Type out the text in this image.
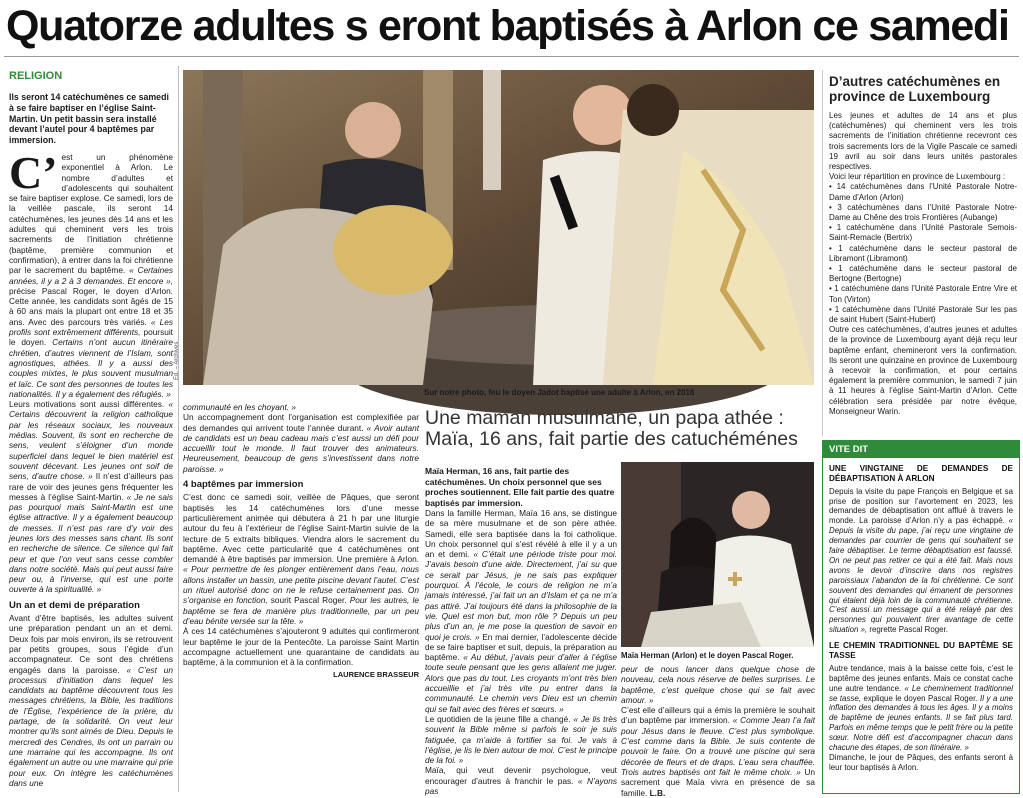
Quatorze adultes s eront baptisés à Arlon ce samedi
RELIGION
Ils seront 14 catéchumènes ce samedi à se faire baptiser en l’église Saint-Martin. Un petit bassin sera installé devant l’autel pour 4 baptêmes par immersion.
C’ est un phénomène exponentiel à Arlon. Le nombre d’adultes et d’adolescents qui souhaitent se faire baptiser explose. Ce samedi, lors de la veillée pascale, ils seront 14 catéchumènes, les jeunes dès 14 ans et les adultes qui cheminent vers les trois sacrements de l’initiation chrétienne (baptême, première communion et confirmation), à entrer dans la foi chrétienne par le sacrement du baptême. « Certaines années, il y a 2 à 3 demandes. Et encore », précise Pascal Roger, le doyen d’Arlon. Cette année, les candidats sont âgés de 15 à 60 ans mais la plupart ont entre 18 et 35 ans. Avec des parcours très variés. « Les profils sont extrêmement différents, poursuit le doyen. Certains n’ont aucun itinéraire chrétien, d’autres viennent de l’Islam, sont agnostiques, athées. Il y a aussi des couples mixtes, le plus souvent musulman et laïc. Ce sont des personnes de toutes les nationalités. Il y a également des réfugiés. »

Leurs motivations sont aussi différentes. « Certains découvrent la religion catholique par les réseaux sociaux, les nouveaux médias. Souvent, ils sont en recherche de sens, veulent s’éloigner d’un monde superficiel dans lequel le bien matériel est souvent décevant. Les jeunes ont soif de sens, d’autre chose. » Il n’est d’ailleurs pas rare de voir des jeunes gens fréquenter les messes à l’église Saint-Martin. « Je ne sais pas pourquoi mais Saint-Martin est une église attractive. Il y a également beaucoup de messes. Il n’est pas rare d’y voir des jeunes lors des messes sans chant. Ils sont en recherche de silence. Ce silence qui fait peur et que l’on veut sans cesse combler dans notre société. Mais qui peut aussi faire peur ou, à l’inverse, qui est une porte ouverte à la spiritualité. »

Un an et demi de préparation

Avant d’être baptisés, les adultes suivent une préparation pendant un an et demi. Deux fois par mois environ, ils se retrouvent par petits groupes, sous l’égide d’un accompagnateur. Ce sont des chrétiens engagés dans la paroisse. « C’est un processus d’initiation dans lequel les candidats au baptême découvrent tous les messages chrétiens, la Bible, les traditions de l’Église, l’expérience de la prière, du partage, de la solidarité. On veut leur montrer qu’ils sont aimés de Dieu. Depuis le mercredi des Cendres, ils ont un parrain ou une marraine qui les accompagne. Ils ont également un autre ou une marraine qui prie pour eux. On intègre les catéchumènes dans une

Éd. – Archives
Sur notre photo, feu le doyen Jadot baptise une adulte à Arlon, en 2016

communauté en les choyant. »

Un accompagnement dont l’organisation est complexifiée par des demandes qui arrivent toute l’année durant. « Avoir autant de candidats est un beau cadeau mais c’est aussi un défi pour accueillir tout le monde. Il faut trouver des animateurs. Heureusement, beaucoup de gens s’investissent dans notre paroisse. »

4 baptêmes par immersion

C’est donc ce samedi soir, veillée de Pâques, que seront baptisés les 14 catéchumènes lors d’une messe particulièrement animée qui débutera à 21 h par une liturgie autour du feu à l’extérieur de l’église Saint-Martin suivie de la lecture de 5 extraits bibliques. Viendra alors le sacrement du baptême. Avec cette particularité que 4 catéchumènes ont demandé à être baptisés par immersion. Une première à Arlon. « Pour permettre de les plonger entièrement dans l’eau, nous allons installer un bassin, une petite piscine devant l’autel. C’est un rituel autorisé donc on ne le refuse certainement pas. On s’organise en fonction, sourit Pascal Roger. Pour les autres, le baptême se fera de manière plus traditionnelle, par un peu d’eau bénite versée sur la tête. »

À ces 14 catéchumènes s’ajouteront 9 adultes qui confirmeront leur baptême le jour de la Pentecôte. La paroisse Saint Martin accompagne actuellement une quarantaine de candidats au baptême, à la communion et à la confirmation.

LAURENCE BRASSEUR
Une maman musulmane, un papa athée : Maïa, 16 ans, fait partie des catuchéménes
Maïa Herman, 16 ans, fait partie des catéchumènes. Un choix personnel que ses proches soutiennent. Elle fait partie des quatre baptisés par immersion.

Dans la famille Herman, Maïa 16 ans, se distingue de sa mère musulmane et de son père athée. Samedi, elle sera baptisée dans la foi catholique. Un choix personnel qui s’est révélé à elle il y a un an et demi. « C’était une période triste pour moi. J’avais besoin d’une aide. Directement, j’ai su que ce serait par Jésus, je ne sais pas expliquer pourquoi. À l’école, le cours de religion ne m’a jamais intéressé, j’ai fait un an d’Islam et ça ne m’a pas attiré. J’ai toujours été dans la philosophie de la vie. Quel est mon but, mon rôle ? Depuis un peu plus d’un an, je me pose la question de savoir en quoi je crois. » En mai dernier, l’adolescente décide de se faire baptiser et suit, depuis, la préparation au baptême. « Au début, j’avais peur d’aller à l’église toute seule pensant que les gens allaient me juger. Alors que pas du tout. Les croyants m’ont très bien accueillie et j’ai très vite pu entrer dans la communauté. Le chemin vers Dieu est un chemin qui se fait avec des frères et sœurs. »

Le quotidien de la jeune fille a changé. « Je lis très souvent la Bible même si parfois le soir je suis fatiguée, ça m’aide à fortifier sa foi. Je vais à l’église, je lis le bien autour de moi. C’est le principe de la foi. »

Maïa, qui veut devenir psychologue, veut encourager d’autres à franchir le pas. « N’ayons pas

Maïa Herman (Arlon) et le doyen Pascal Roger.

peur de nous lancer dans quelque chose de nouveau, cela nous réserve de belles surprises. Le baptême, c’est quelque chose qui se fait avec amour. »

C’est elle d’ailleurs qui a émis la première le souhait d’un baptême par immersion. « Comme Jean l’a fait pour Jésus dans le fleuve. C’est plus symbolique. C’est comme dans la Bible. Je suis contente de pouvoir le faire. On a trouvé une piscine qui sera décorée de fleurs et de draps. L’eau sera chauffée. Trois autres baptisés ont fait le même choix. » Un sacrement que Maïa vivra en présence de sa famille. L.B.

D’autres catéchumènes en province de Luxembourg

Les jeunes et adultes de 14 ans et plus (catéchumènes) qui cheminent vers les trois sacrements de l’initiation chrétienne recevront ces trois sacrements lors de la Vigile Pascale ce samedi 19 avril au soir dans leurs unités pastorales respectives.

Voici leur répartition en province de Luxembourg :

• 14 catéchumènes dans l’Unité Pastorale Notre-Dame d’Arlon (Arlon)

• 3 catéchumènes dans l’Unité Pastorale Notre-Dame au Chêne des trois Frontières (Aubange)

• 1 catéchumène dans l’Unité Pastorale Semois-Saint-Remacle (Bertrix)

• 1 catéchumène dans le secteur pastoral de Libramont (Libramont)

• 1 catéchumène dans le secteur pastoral de Bertogne (Bertogne)

• 1 catéchumène dans l’Unité Pastorale Entre Vire et Ton (Virton)

• 1 catéchumène dans l’Unité Pastorale Sur les pas de saint Hubert (Saint-Hubert)

Outre ces catéchumènes, d’autres jeunes et adultes de la province de Luxembourg ayant déjà reçu leur baptême enfant, chemineront vers la confirmation. Ils seront une quinzaine en province de Luxembourg à recevoir la confirmation, et pour certains également la première communion, le samedi 7 juin à 11 heures à l’église Saint-Martin d’Arlon. Cette célébration sera présidée par notre évêque, Monseigneur Warin.

VITE DIT
UNE VINGTAINE DE DEMANDES DE DÉBAPTISATION À ARLON

Depuis la visite du pape François en Belgique et sa prise de position sur l’avortement en 2023, les demandes de débaptisation ont afflué à travers le monde. La paroisse d’Arlon n’y a pas échappé. « Depuis la visite du pape, j’ai reçu une vingtaine de demandes par courrier de gens qui souhaitent se faire débaptiser. Le terme débaptisation est faussé. On ne peut pas retirer ce qui a été fait. Mais nous avons le devoir d’inscrire dans nos registres paroissiaux l’abandon de la foi chrétienne. Ce sont souvent des demandes qui émanent de personnes qui étaient déjà loin de la communauté chrétienne. C’est aussi un message qui a été relayé par des personnes qui pouvaient tirer avantage de cette situation », regrette Pascal Roger.

LE CHEMIN TRADITIONNEL DU BAPTÊME SE TASSE

Autre tendance, mais à la baisse cette fois, c’est le baptême des jeunes enfants. Mais ce constat cache une autre tendance. « Le cheminement traditionnel se tasse, explique le doyen Pascal Roger. Il y a une inflation des demandes à tous les âges. Il y a moins de baptême de jeunes enfants. Il se fait plus tard. Parfois en même temps que le petit frère ou la petite sœur. Notre défi est d’accompagner chacun dans chacune des étapes, de son itinéraire. »

Dimanche, le jour de Pâques, des enfants seront à leur tour baptisés à Arlon.
